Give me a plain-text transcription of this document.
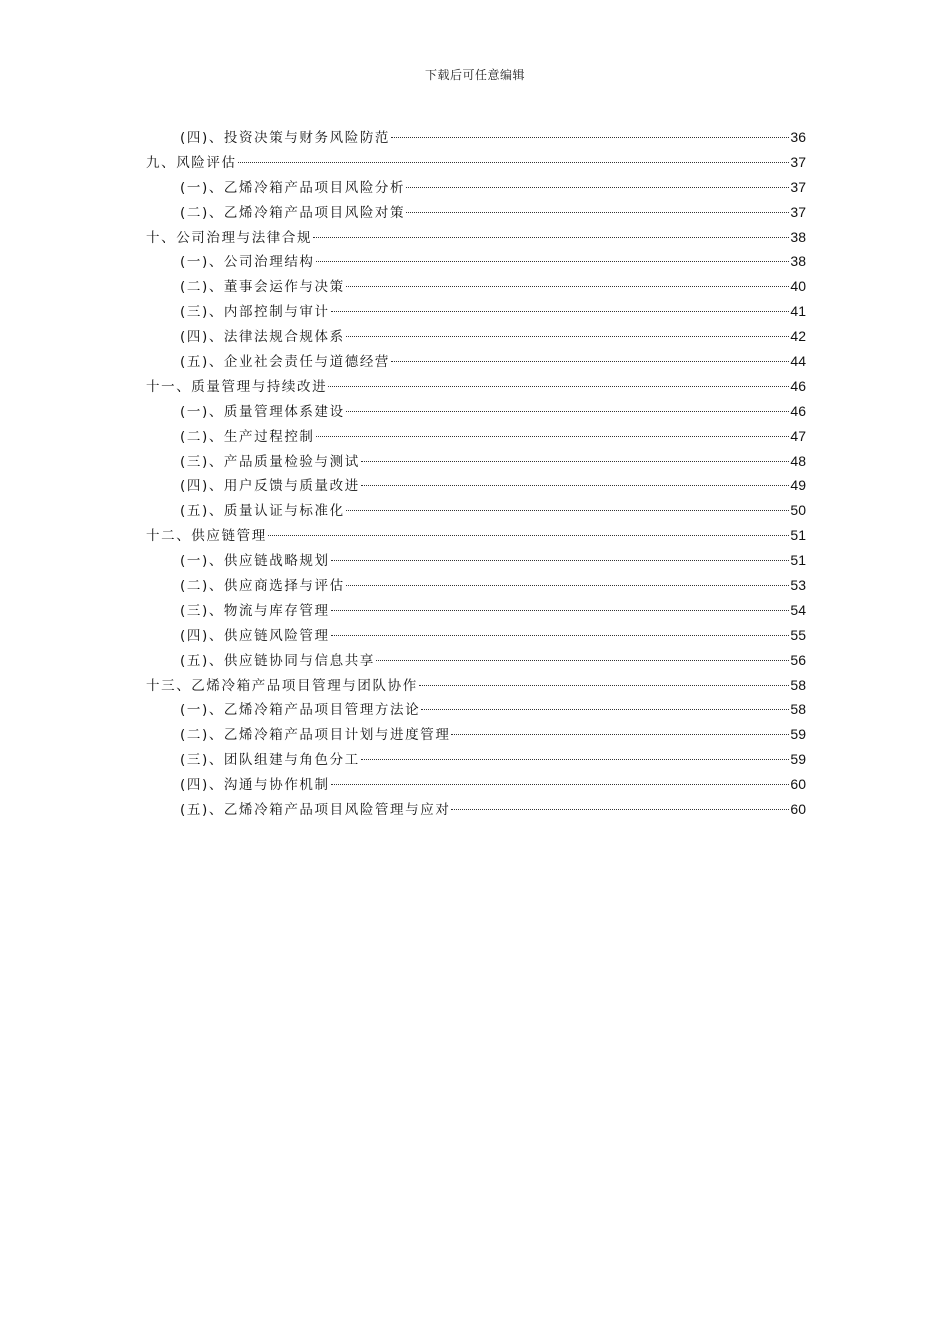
下载后可任意编辑
(四)、投资决策与财务风险防范	36
九、风险评估	37
(一)、乙烯冷箱产品项目风险分析	37
(二)、乙烯冷箱产品项目风险对策	37
十、公司治理与法律合规	38
(一)、公司治理结构	38
(二)、董事会运作与决策	40
(三)、内部控制与审计	41
(四)、法律法规合规体系	42
(五)、企业社会责任与道德经营	44
十一、质量管理与持续改进	46
(一)、质量管理体系建设	46
(二)、生产过程控制	47
(三)、产品质量检验与测试	48
(四)、用户反馈与质量改进	49
(五)、质量认证与标准化	50
十二、供应链管理	51
(一)、供应链战略规划	51
(二)、供应商选择与评估	53
(三)、物流与库存管理	54
(四)、供应链风险管理	55
(五)、供应链协同与信息共享	56
十三、乙烯冷箱产品项目管理与团队协作	58
(一)、乙烯冷箱产品项目管理方法论	58
(二)、乙烯冷箱产品项目计划与进度管理	59
(三)、团队组建与角色分工	59
(四)、沟通与协作机制	60
(五)、乙烯冷箱产品项目风险管理与应对	60
